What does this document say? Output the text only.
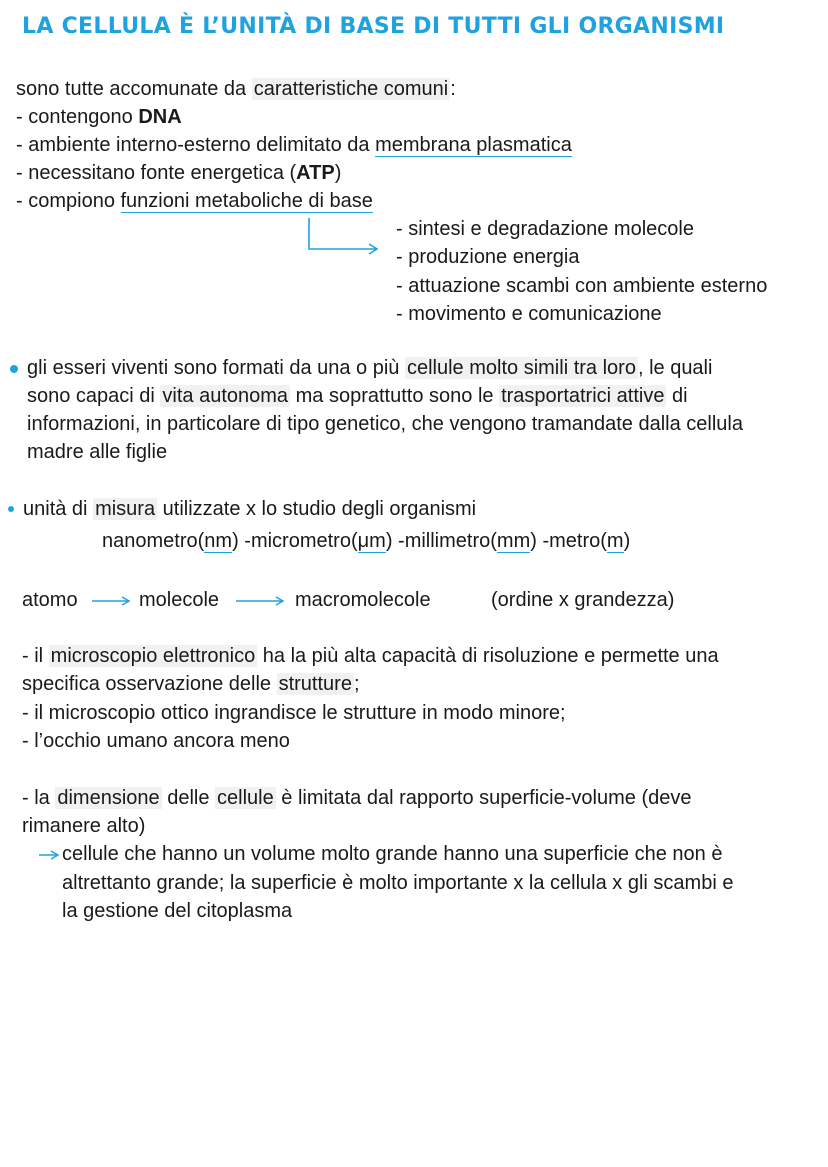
LA CELLULA È L’UNITÀ DI BASE DI TUTTI GLI ORGANISMI
sono tutte accomunate da caratteristiche comuni :
- contengono DNA
- ambiente interno-esterno delimitato da membrana plasmatica
- necessitano fonte energetica (ATP)
- compiono funzioni metaboliche di base
- sintesi e degradazione molecole
- produzione energia
- attuazione scambi con ambiente esterno
- movimento e comunicazione
gli esseri viventi sono formati da una o più cellule molto simili tra loro , le quali
sono capaci di vita autonoma ma soprattutto sono le trasportatrici attive di
informazioni, in particolare di tipo genetico, che vengono tramandate dalla cellula
madre alle figlie
unità di misura utilizzate x lo studio degli organismi
nanometro(nm) -micrometro(μm) -millimetro(mm) -metro(m)
atomo	molecole	macromolecole	(ordine x grandezza)
- il microscopio elettronico ha la più alta capacità di risoluzione e permette una
specifica osservazione delle strutture ;
- il microscopio ottico ingrandisce le strutture in modo minore;
- l’occhio umano ancora meno
- la dimensione delle cellule è limitata dal rapporto superficie-volume (deve
rimanere alto)
cellule che hanno un volume molto grande hanno una superficie che non è
altrettanto grande; la superficie è molto importante x la cellula x gli scambi e
la gestione del citoplasma
